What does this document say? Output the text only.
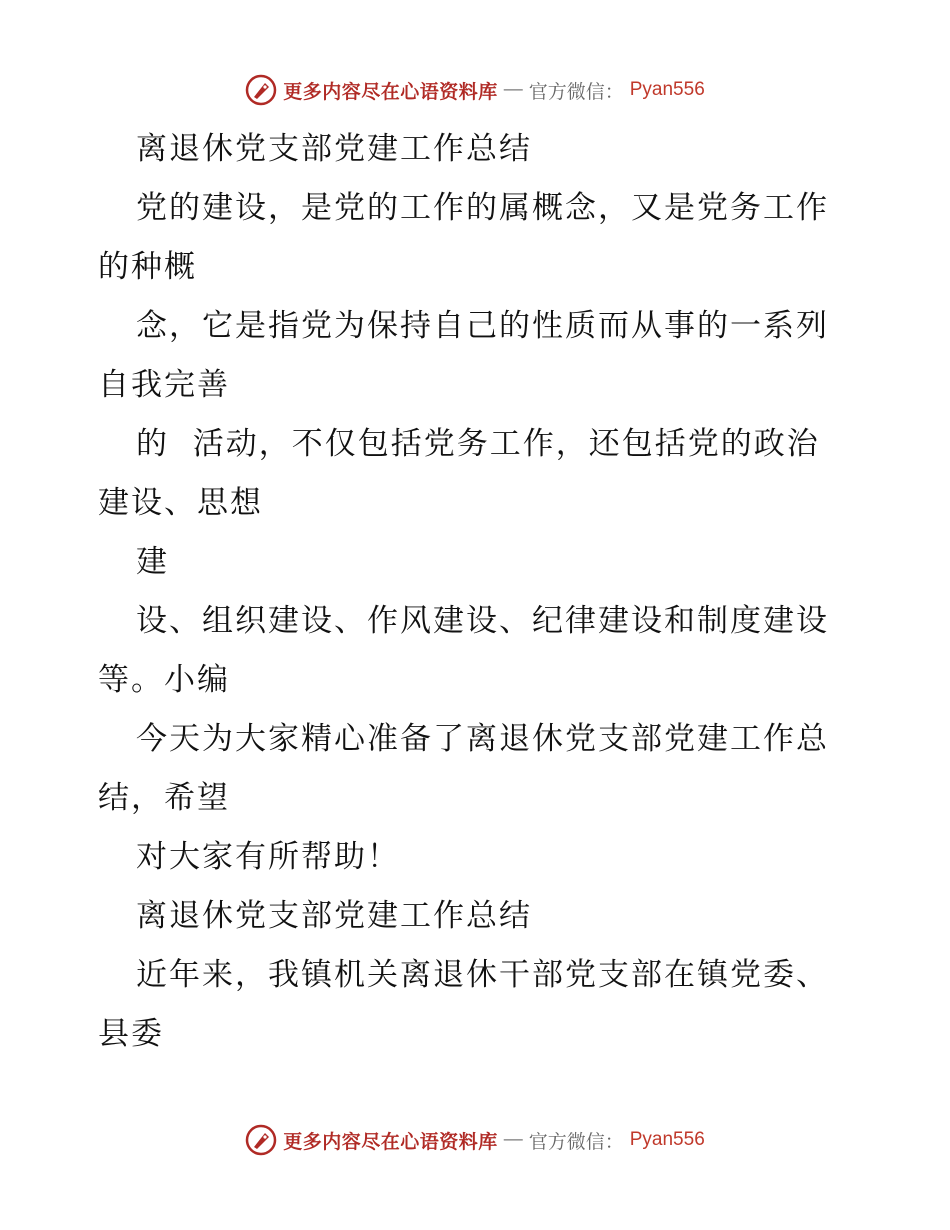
更多内容尽在心语资料库 — 官方微信： Pyan556
离退休党支部党建工作总结
党的建设，是党的工作的属概念，又是党务工作
的种概
念，它是指党为保持自己的性质而从事的一系列
自我完善
的  活动，不仅包括党务工作，还包括党的政治
建设、思想
建
设、组织建设、作风建设、纪律建设和制度建设
等。小编
今天为大家精心准备了离退休党支部党建工作总
结，希望
对大家有所帮助！
离退休党支部党建工作总结
近年来，我镇机关离退休干部党支部在镇党委、
县委
更多内容尽在心语资料库 — 官方微信： Pyan556
